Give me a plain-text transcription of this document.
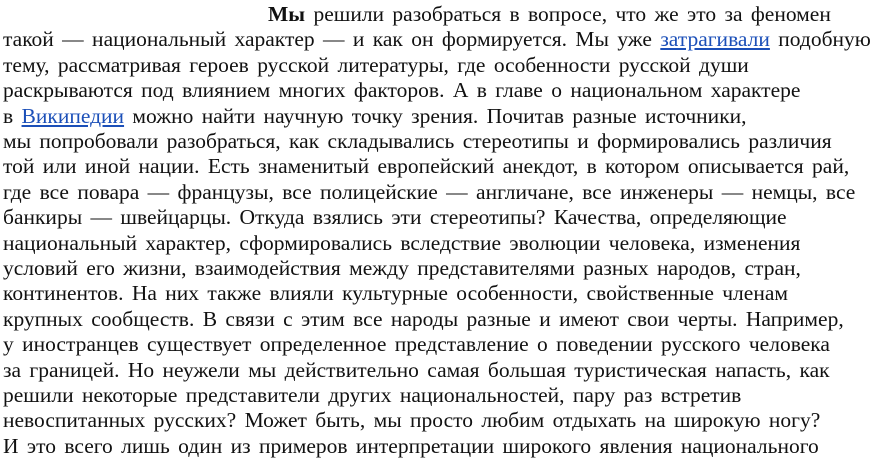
Мы решили разобраться в вопросе, что же это за феномен
такой — национальный характер — и как он формируется. Мы уже затрагивали подобную
тему, рассматривая героев русской литературы, где особенности русской души
раскрываются под влиянием многих факторов. А в главе о национальном характере
в Википедии можно найти научную точку зрения. Почитав разные источники,
мы попробовали разобраться, как складывались стереотипы и формировались различия
той или иной нации. Есть знаменитый европейский анекдот, в котором описывается рай,
где все повара — французы, все полицейские — англичане, все инженеры — немцы, все
банкиры — швейцарцы. Откуда взялись эти стереотипы? Качества, определяющие
национальный характер, сформировались вследствие эволюции человека, изменения
условий его жизни, взаимодействия между представителями разных народов, стран,
континентов. На них также влияли культурные особенности, свойственные членам
крупных сообществ. В связи с этим все народы разные и имеют свои черты. Например,
у иностранцев существует определенное представление о поведении русского человека
за границей. Но неужели мы действительно самая большая туристическая напасть, как
решили некоторые представители других национальностей, пару раз встретив
невоспитанных русских? Может быть, мы просто любим отдыхать на широкую ногу?
И это всего лишь один из примеров интерпретации широкого явления национального
